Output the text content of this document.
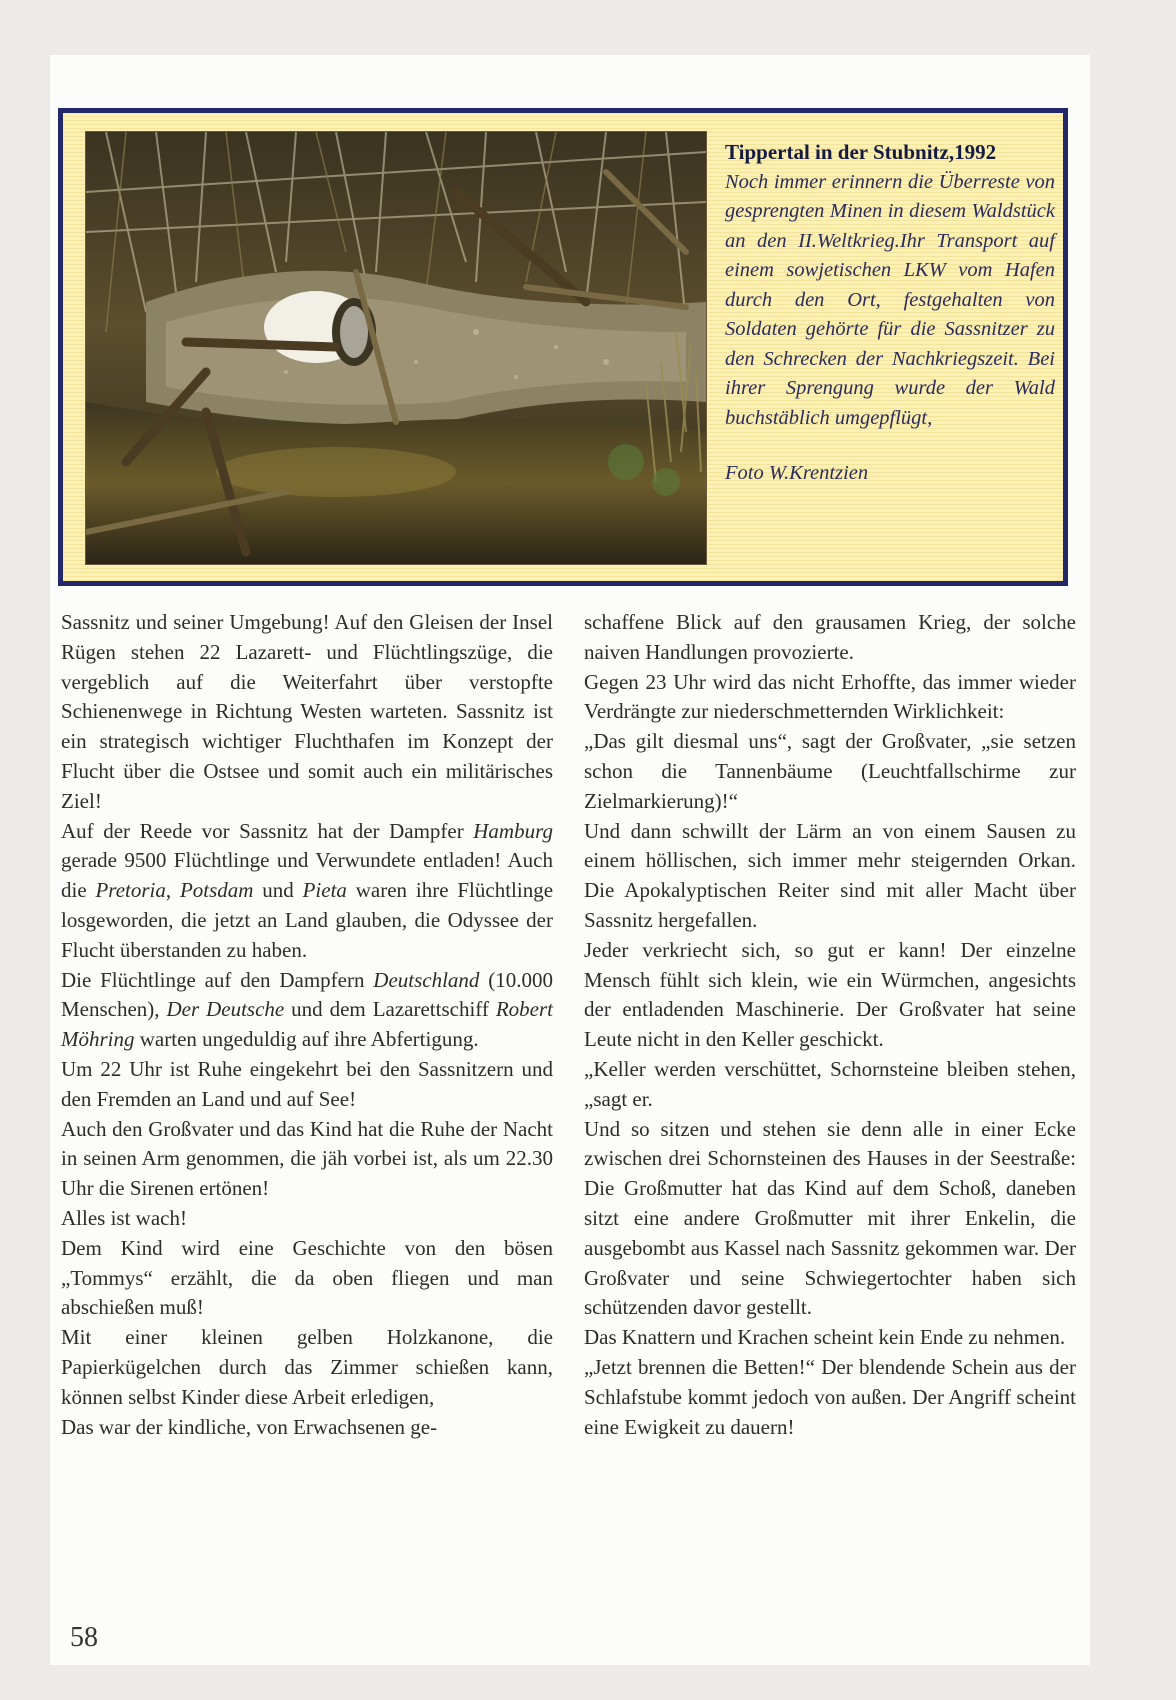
Tippertal in der Stubnitz,1992
Noch immer erinnern die Überreste von gesprengten Minen in diesem Waldstück an den II.Weltkrieg.Ihr Transport auf einem sowjetischen LKW vom Hafen durch den Ort, festgehalten von Soldaten gehörte für die Sassnitzer zu den Schrecken der Nachkriegszeit. Bei ihrer Sprengung wurde der Wald buchstäblich umgepflügt,
Foto W.Krentzien

Sassnitz und seiner Umgebung! Auf den Gleisen der Insel Rügen stehen 22 Lazarett- und Flüchtlingszüge, die vergeblich auf die Weiterfahrt über verstopfte Schienenwege in Richtung Westen warteten. Sassnitz ist ein strategisch wichtiger Fluchthafen im Konzept der Flucht über die Ostsee und somit auch ein militärisches Ziel!

Auf der Reede vor Sassnitz hat der Dampfer Hamburg gerade 9500 Flüchtlinge und Verwundete entladen! Auch die Pretoria, Potsdam und Pieta waren ihre Flüchtlinge losgeworden, die jetzt an Land glauben, die Odyssee der Flucht überstanden zu haben.

Die Flüchtlinge auf den Dampfern Deutschland (10.000 Menschen), Der Deutsche und dem Lazarettschiff Robert Möhring warten ungeduldig auf ihre Abfertigung.

Um 22 Uhr ist Ruhe eingekehrt bei den Sassnitzern und den Fremden an Land und auf See!

Auch den Großvater und das Kind hat die Ruhe der Nacht in seinen Arm genommen, die jäh vorbei ist, als um 22.30 Uhr die Sirenen ertönen!

Alles ist wach!

Dem Kind wird eine Geschichte von den bösen „Tommys“ erzählt, die da oben fliegen und man abschießen muß!

Mit einer kleinen gelben Holzkanone, die Papierkügelchen durch das Zimmer schießen kann, können selbst Kinder diese Arbeit erledigen,

Das war der kindliche, von Erwachsenen ge-

schaffene Blick auf den grausamen Krieg, der solche naiven Handlungen provozierte.

Gegen 23 Uhr wird das nicht Erhoffte, das immer wieder Verdrängte zur niederschmetternden Wirklichkeit:

„Das gilt diesmal uns“, sagt der Großvater, „sie setzen schon die Tannenbäume (Leuchtfallschirme zur Zielmarkierung)!“

Und dann schwillt der Lärm an von einem Sausen zu einem höllischen, sich immer mehr steigernden Orkan. Die Apokalyptischen Reiter sind mit aller Macht über Sassnitz hergefallen.

Jeder verkriecht sich, so gut er kann! Der einzelne Mensch fühlt sich klein, wie ein Würmchen, angesichts der entladenden Maschinerie. Der Großvater hat seine Leute nicht in den Keller geschickt.

„Keller werden verschüttet, Schornsteine bleiben stehen, „sagt er.

Und so sitzen und stehen sie denn alle in einer Ecke zwischen drei Schornsteinen des Hauses in der Seestraße: Die Großmutter hat das Kind auf dem Schoß, daneben sitzt eine andere Großmutter mit ihrer Enkelin, die ausgebombt aus Kassel nach Sassnitz gekommen war. Der Großvater und seine Schwiegertochter haben sich schützenden davor gestellt.

Das Knattern und Krachen scheint kein Ende zu nehmen.

„Jetzt brennen die Betten!“ Der blendende Schein aus der Schlafstube kommt jedoch von außen. Der Angriff scheint eine Ewigkeit zu dauern!

58
